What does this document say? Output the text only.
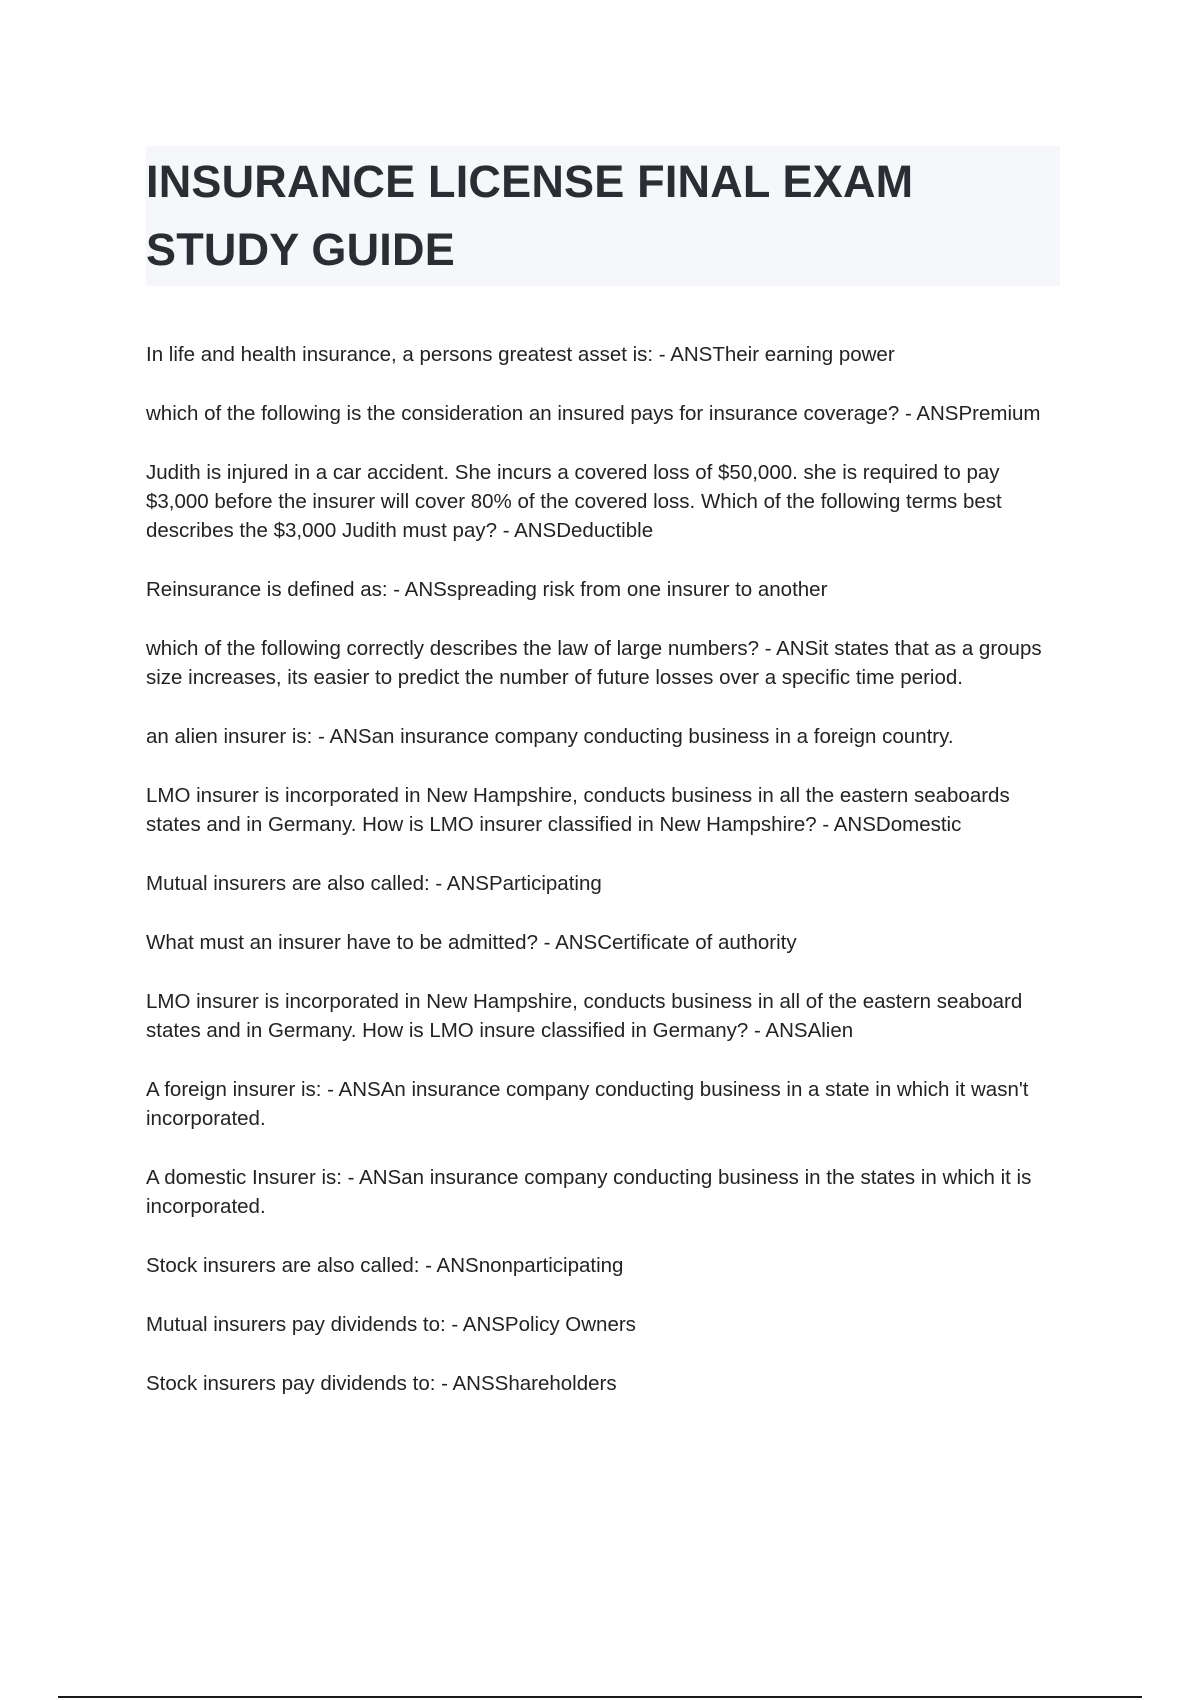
INSURANCE LICENSE FINAL EXAM STUDY GUIDE
In life and health insurance, a persons greatest asset is: - ANSTheir earning power
which of the following is the consideration an insured pays for insurance coverage? - ANSPremium
Judith is injured in a car accident. She incurs a covered loss of $50,000. she is required to pay $3,000 before the insurer will cover 80% of the covered loss. Which of the following terms best describes the $3,000 Judith must pay? - ANSDeductible
Reinsurance is defined as: - ANSspreading risk from one insurer to another
which of the following correctly describes the law of large numbers? - ANSit states that as a groups size increases, its easier to predict the number of future losses over a specific time period.
an alien insurer is: - ANSan insurance company conducting business in a foreign country.
LMO insurer is incorporated in New Hampshire, conducts business in all the eastern seaboards states and in Germany. How is LMO insurer classified in New Hampshire? - ANSDomestic
Mutual insurers are also called: - ANSParticipating
What must an insurer have to be admitted? - ANSCertificate of authority
LMO insurer is incorporated in New Hampshire, conducts business in all of the eastern seaboard states and in Germany. How is LMO insure classified in Germany? - ANSAlien
A foreign insurer is: - ANSAn insurance company conducting business in a state in which it wasn't incorporated.
A domestic Insurer is: - ANSan insurance company conducting business in the states in which it is incorporated.
Stock insurers are also called: - ANSnonparticipating
Mutual insurers pay dividends to: - ANSPolicy Owners
Stock insurers pay dividends to: - ANSShareholders
